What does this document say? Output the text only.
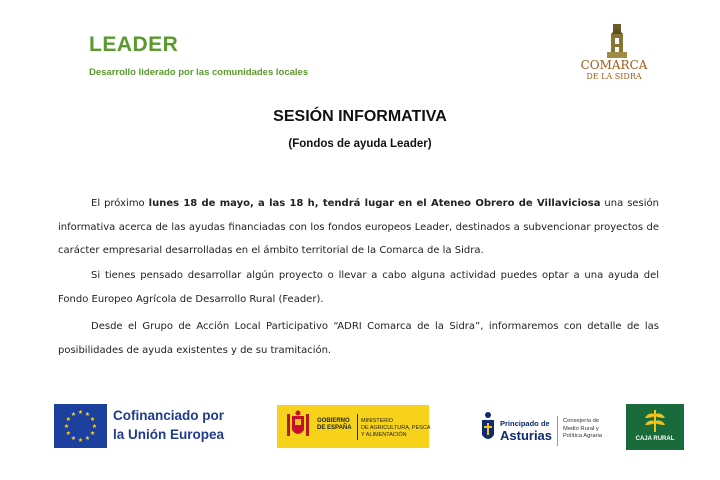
LEADER
Desarrollo liderado por las comunidades locales
COMARCA
DE LA SIDRA
SESIÓN INFORMATIVA
(Fondos de ayuda Leader)
El próximo lunes 18 de mayo, a las 18 h, tendrá lugar en el Ateneo Obrero de Villaviciosa una sesión informativa acerca de las ayudas financiadas con los fondos europeos Leader, destinados a subvencionar proyectos de carácter empresarial desarrolladas en el ámbito territorial de la Comarca de la Sidra.
Si tienes pensado desarrollar algún proyecto o llevar a cabo alguna actividad puedes optar a una ayuda del Fondo Europeo Agrícola de Desarrollo Rural (Feader).
Desde el Grupo de Acción Local Participativo “ADRI Comarca de la Sidra”, informaremos con detalle de las posibilidades de ayuda existentes y de su tramitación.
★ ★
★
★
★
★
★
★
★
★
★
★	Cofinanciado por
la Unión Europea
GOBIERNO
DE ESPAÑA
MINISTERIO
DE AGRICULTURA, PESCA
Y ALIMENTACIÓN
Principado de
Asturias
Consejería de
Medio Rural y
Política Agraria	CAJA RURAL
